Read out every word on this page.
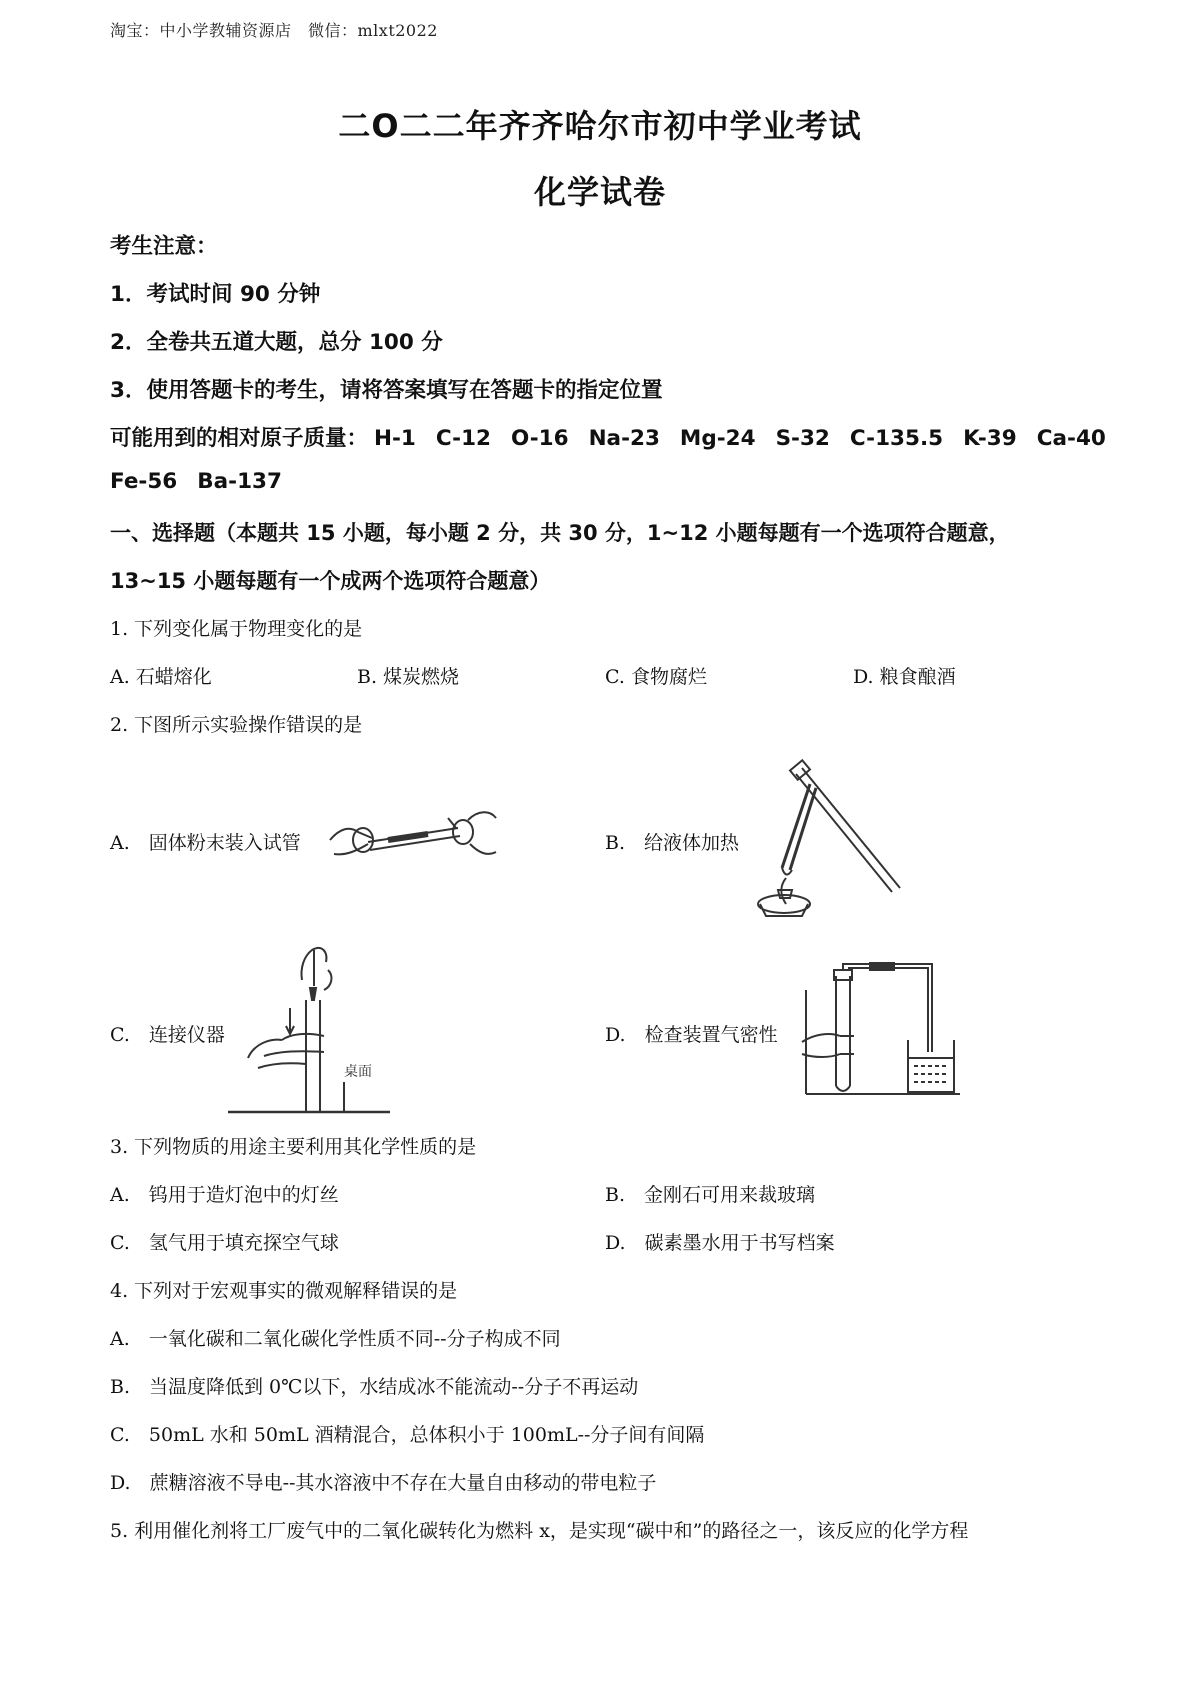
淘宝：中小学教辅资源店　微信：mlxt2022
二O二二年齐齐哈尔市初中学业考试
化学试卷
考生注意：
1．考试时间 90 分钟
2．全卷共五道大题，总分 100 分
3．使用答题卡的考生，请将答案填写在答题卡的指定位置
可能用到的相对原子质量： H-1 C-12 O-16 Na-23 Mg-24 S-32 C-135.5 K-39 Ca-40
Fe-56 Ba-137
一、选择题（本题共 15 小题，每小题 2 分，共 30 分，1~12 小题每题有一个选项符合题意，
13~15 小题每题有一个成两个选项符合题意）
1. 下列变化属于物理变化的是
A. 石蜡熔化	B. 煤炭燃烧	C. 食物腐烂	D. 粮食酿酒
2. 下图所示实验操作错误的是
A.　固体粉末装入试管	B.　给液体加热
C.　连接仪器
桌面
D.　检查装置气密性
3. 下列物质的用途主要利用其化学性质的是
A.　钨用于造灯泡中的灯丝	B.　金刚石可用来裁玻璃
C.　氢气用于填充探空气球	D.　碳素墨水用于书写档案
4. 下列对于宏观事实的微观解释错误的是
A.　一氧化碳和二氧化碳化学性质不同--分子构成不同
B.　当温度降低到 0℃以下，水结成冰不能流动--分子不再运动
C.　50mL 水和 50mL 酒精混合，总体积小于 100mL--分子间有间隔
D.　蔗糖溶液不导电--其水溶液中不存在大量自由移动的带电粒子
5. 利用催化剂将工厂废气中的二氧化碳转化为燃料 x，是实现“碳中和”的路径之一，该反应的化学方程
